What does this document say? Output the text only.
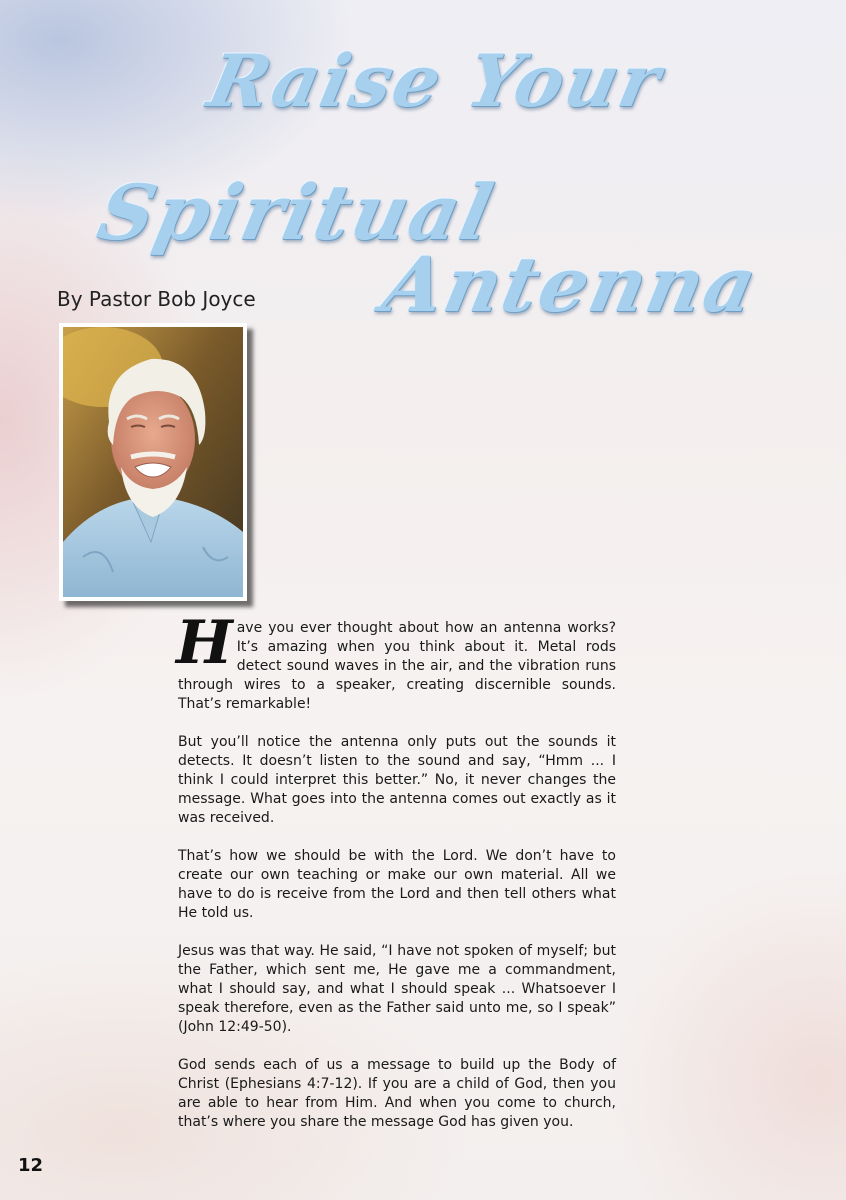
Raise Your
Spiritual
Antenna
By Pastor Bob Joyce

Have you ever thought about how an antenna works? It’s amazing when you think about it. Metal rods detect sound waves in the air, and the vibration runs through wires to a speaker, creating discernible sounds. That’s remarkable!

But you’ll notice the antenna only puts out the sounds it detects. It doesn’t listen to the sound and say, “Hmm ... I think I could interpret this better.” No, it never changes the message. What goes into the antenna comes out exactly as it was received.

That’s how we should be with the Lord. We don’t have to create our own teaching or make our own material. All we have to do is receive from the Lord and then tell others what He told us.

Jesus was that way. He said, “I have not spoken of myself; but the Father, which sent me, He gave me a commandment, what I should say, and what I should speak ... Whatsoever I speak therefore, even as the Father said unto me, so I speak” (John 12:49-50).

God sends each of us a message to build up the Body of Christ (Ephesians 4:7-12). If you are a child of God, then you are able to hear from Him. And when you come to church, that’s where you share the message God has given you.

12
